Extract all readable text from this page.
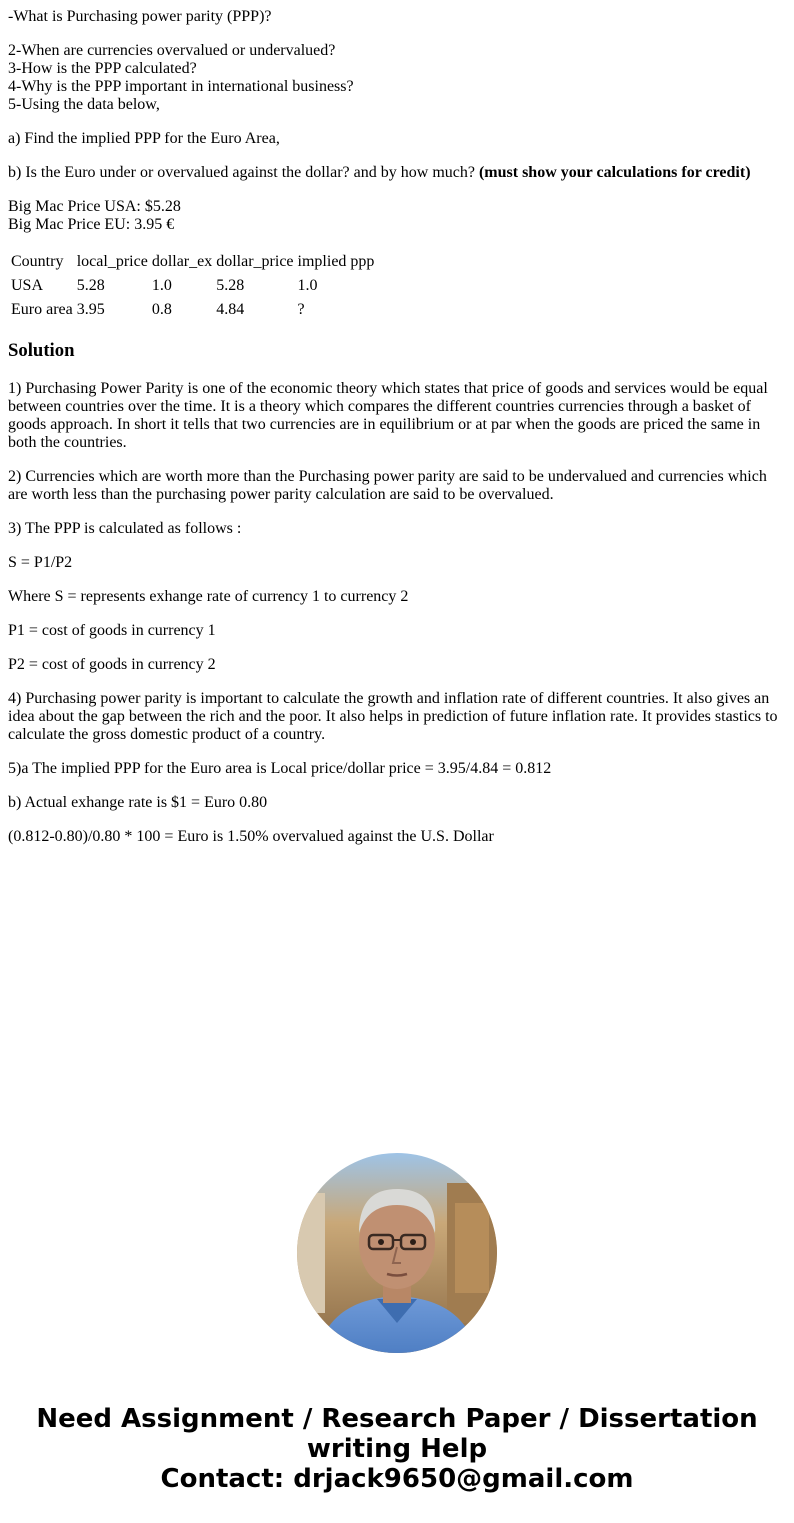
-What is Purchasing power parity (PPP)?

2-When are currencies overvalued or undervalued?
3-How is the PPP calculated?
4-Why is the PPP important in international business?
5-Using the data below,

a) Find the implied PPP for the Euro Area,

b) Is the Euro under or overvalued against the dollar? and by how much? (must show your calculations for credit)

Big Mac Price USA: $5.28
Big Mac Price EU: 3.95 €
Country	local_price	dollar_ex	dollar_price	implied ppp
USA	5.28	1.0	5.28	1.0
Euro area	3.95	0.8	4.84	?
Solution

1) Purchasing Power Parity is one of the economic theory which states that price of goods and services would be equal between countries over the time. It is a theory which compares the different countries currencies through a basket of goods approach. In short it tells that two currencies are in equilibrium or at par when the goods are priced the same in both the countries.

2) Currencies which are worth more than the Purchasing power parity are said to be undervalued and currencies which are worth less than the purchasing power parity calculation are said to be overvalued.

3) The PPP is calculated as follows :

S = P1/P2

Where S = represents exhange rate of currency 1 to currency 2

P1 = cost of goods in currency 1

P2 = cost of goods in currency 2

4) Purchasing power parity is important to calculate the growth and inflation rate of different countries. It also gives an idea about the gap between the rich and the poor. It also helps in prediction of future inflation rate. It provides stastics to calculate the gross domestic product of a country.

5)a The implied PPP for the Euro area is Local price/dollar price = 3.95/4.84 = 0.812

b) Actual exhange rate is $1 = Euro 0.80

(0.812-0.80)/0.80 * 100 = Euro is 1.50% overvalued against the U.S. Dollar

Need Assignment / Research Paper / Dissertation
writing Help
Contact: drjack9650@gmail.com
